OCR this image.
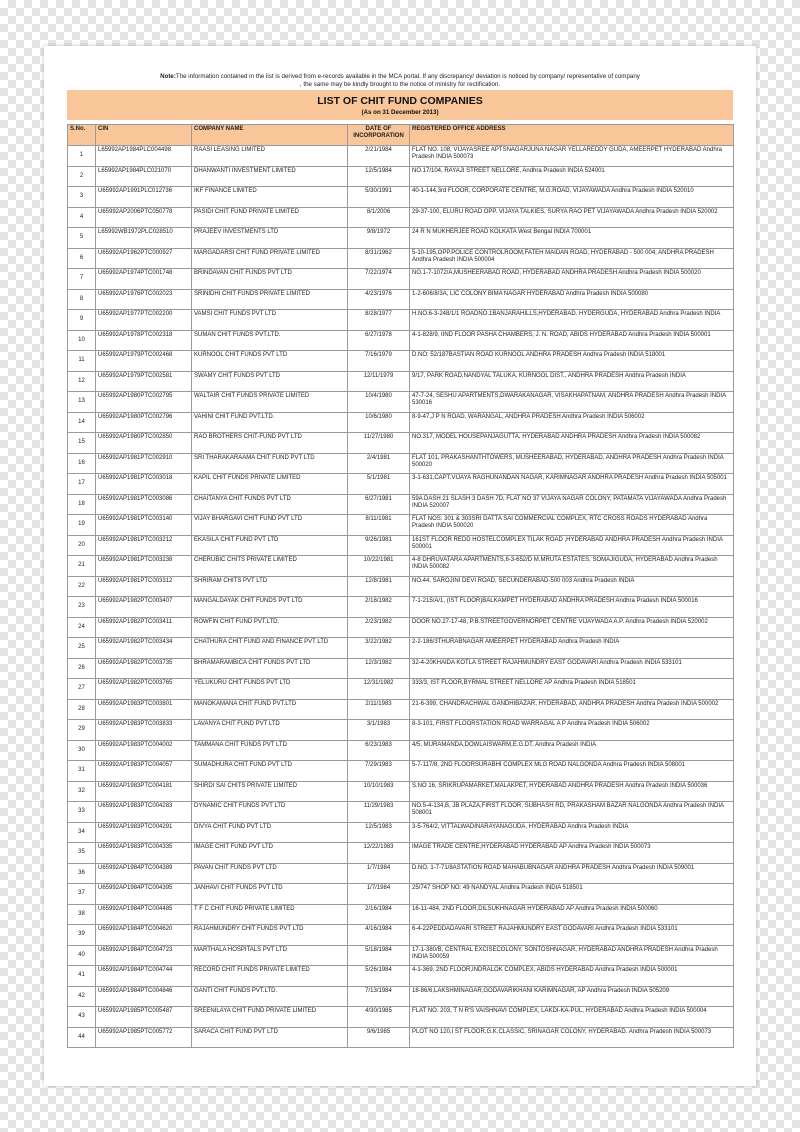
Note:The information contained in the list is derived from e-records available in the MCA portal. If any discrepancy/ deviation is noticed by company/ representative of company
, the same may be kindly brought to the notice of ministry for rectification.
LIST OF CHIT FUND COMPANIES
(As on 31 December 2013)
S.No.	CIN	COMPANY NAME	DATE OF INCORPORATION	REGISTERED OFFICE ADDRESS
1	L65992AP1984PLC004498	RAASI LEASING LIMITED	2/21/1984	FLAT NO. 108, VIJAYASREE APTSNAGARJUNA NAGAR YELLAREDDY GUDA, AMEERPET HYDERABAD Andhra Pradesh INDIA 500073
2	L65992AP1984PLC021070	DHANWANTI INVESTMENT LIMITED	12/5/1984	NO.17/104, RAYAJI STREET NELLORE, Andhra Pradesh INDIA 524001
3	U65992AP1991PLC012736	IKF FINANCE LIMITED	5/30/1991	40-1-144,3rd FLOOR, CORPORATE CENTRE, M.G.ROAD, VIJAYAWADA Andhra Pradesh INDIA 520010
4	U65992AP2006PTC050778	PASIDI CHIT FUND PRIVATE LIMITED	8/1/2006	29-37-100, ELURU ROAD OPP. VIJAYA TALKIES, SURYA RAO PET VIJAYAWADA Andhra Pradesh INDIA 520002
5	L65992WB1972PLC028510	PRAJEEV INVESTMENTS LTD	9/8/1972	24 R N MUKHERJEE ROAD KOLKATA West Bengal INDIA 700001
6	U65992AP1962PTC000927	MARGADARSI CHIT FUND PRIVATE LIMITED	8/31/1962	5-10-195,OPP.POLICE CONTROLROOM,FATEH MAIDAN ROAD, HYDERABAD - 500 004, ANDHRA PRADESH Andhra Pradesh INDIA 500004
7	U65992AP1974PTC001748	BRINDAVAN CHIT FUNDS PVT LTD	7/22/1974	NO.1-7-1072/A,MUSHEERABAD ROAD, HYDERABAD ANDHRA PRADESH Andhra Pradesh INDIA 500020
8	U65992AP1976PTC002023	SRINIDHI CHIT FUNDS PRIVATE LIMITED	4/23/1976	1-2-606/8/3A, LIC COLONY BIMA NAGAR HYDERABAD Andhra Pradesh INDIA 500080
9	U65992AP1977PTC002200	VAMSI CHIT FUNDS PVT LTD	8/28/1977	H.NO.6-3-248/1/1 ROADNO.1BANJARAHILLS,HYDERABAD. HYDERGUDA, HYDERABAD Andhra Pradesh INDIA
10	U65992AP1978PTC002318	SUMAN CHIT FUNDS PVT.LTD.	6/27/1978	4-1-828/9, IIND FLOOR PASHA CHAMBERS, J. N. ROAD, ABIDS HYDERABAD Andhra Pradesh INDIA 500001
11	U65992AP1979PTC002468	KURNOOL CHIT FUNDS PVT LTD	7/16/1979	D.NO: 52/187BASTIAN ROAD KURNOOL ANDHRA PRADESH Andhra Pradesh INDIA 518001
12	U65992AP1979PTC002581	SWAMY CHIT FUNDS PVT LTD	12/11/1979	9/17, PARK ROAD,NANDYAL TALUKA, KURNOOL DIST., ANDHRA PRADESH Andhra Pradesh INDIA
13	U65992AP1980PTC002795	WALTAIR CHIT FUNDS PRIVATE LIMITED	10/4/1980	47-7-24, SESHU APARTMENTS,DWARAKANAGAR, VISAKHAPATNAM, ANDHRA PRADESH Andhra Pradesh INDIA 530016
14	U65992AP1980PTC002796	VAHINI CHIT FUND PVT.LTD.	10/6/1980	8-9-47,J P N ROAD, WARANGAL, ANDHRA PRADESH Andhra Pradesh INDIA 506002
15	U65992AP1980PTC002850	RAO BROTHERS CHIT-FUND PVT LTD	11/27/1980	NO.317, MODEL HOUSEPANJAGUTTA, HYDERABAD ANDHRA PRADESH Andhra Pradesh INDIA 500082
16	U65992AP1981PTC002910	SRI THARAKARAAMA CHIT FUND PVT LTD	2/4/1981	FLAT 101, PRAKASHANTHTOWERS, MUSHEERABAD, HYDERABAD, ANDHRA PRADESH Andhra Pradesh INDIA 500020
17	U65992AP1981PTC003018	KAPIL CHIT FUNDS PRIVATE LIMITED	5/1/1981	3-1-631,CAPT.VIJAYA RAGHUNANDAN NAGAR, KARIMNAGAR ANDHRA PRADESH Andhra Pradesh INDIA 505001
18	U65992AP1981PTC003086	CHAITANYA CHIT FUNDS PVT LTD	6/27/1981	59A DASH 21 SLASH 3 DASH 7D, FLAT NO 37 VIJAYA NAGAR COLONY, PATAMATA VIJAYAWADA Andhra Pradesh INDIA 520007
19	U65992AP1981PTC003140	VIJAY BHARGAVI CHIT FUND PVT LTD	8/11/1981	FLAT NOS: 301 & 303SRI DATTA SAI COMMERCIAL COMPLEX, RTC CROSS ROADS HYDERABAD Andhra Pradesh INDIA 500020
20	U65992AP1981PTC003212	EKASILA CHIT FUND PVT LTD	9/26/1981	161ST FLOOR REDD HOSTELCOMPLEX TILAK ROAD ,HYDERABAD ANDHRA PRADESH Andhra Pradesh INDIA 500001
21	U65992AP1981PTC003238	CHERUBIC CHITS PRIVATE LIMITED	10/22/1981	4-8 DHRUVATARA APARTMENTS,6-3-652/D M.MRUTA ESTATES, SOMAJIGUDA, HYDERABAD Andhra Pradesh INDIA 500082
22	U65992AP1981PTC003312	SHRIRAM CHITS PVT LTD	12/8/1981	NO.44, SAROJINI DEVI ROAD, SECUNDERABAD-500 003 Andhra Pradesh INDIA
23	U65992AP1982PTC003407	MANGALDAYAK CHIT FUNDS PVT LTD	2/18/1982	7-1-215/A/1, (IST FLOOR)BALKAMPET HYDERABAD ANDHRA PRADESH Andhra Pradesh INDIA 500016
24	U65992AP1982PTC003411	ROWFIN CHIT FUND PVT.LTD.	2/23/1982	DOOR NO.27-17-48, P.B.STREETGOVERNORPET CENTRE VIJAYWADA A.P. Andhra Pradesh INDIA 520002
25	U65992AP1982PTC003434	CHATHURA CHIT FUND AND FINANCE PVT LTD	3/22/1982	2-2-186/3THURABNAGAR AMEERPET HYDERABAD Andhra Pradesh INDIA
26	U65992AP1982PTC003735	BHRAMARAMBICA CHIT FUNDS PVT LTD	12/3/1982	32-4-20KHAIDA KOTLA STREET RAJAHMUNDRY EAST GODAVARI Andhra Pradesh INDIA 533101
27	U65992AP1982PTC003765	YELUKURU CHIT FUNDS PVT LTD	12/31/1982	333/3, IST FLOOR,BYRMAL STREET NELLORE AP Andhra Pradesh INDIA 518501
28	U65992AP1983PTC003801	MANOKAMANA CHIT FUND PVT.LTD	2/11/1983	21-6-399, CHANDRACHWAL GANDHIBAZAR, HYDERABAD, ANDHRA PRADESH Andhra Pradesh INDIA 500002
29	U65992AP1983PTC003833	LAVANYA CHIT FUND PVT LTD	3/1/1983	8-3-101, FIRST FLOORSTATION ROAD WARRAGAL A P Andhra Pradesh INDIA 506002
30	U65992AP1983PTC004002	TAMMANA CHIT FUNDS PVT LTD	6/23/1983	4/5, MURAMANDA,DOWLAISWARM,E.G.DT. Andhra Pradesh INDIA
31	U65992AP1983PTC004057	SUMADHURA CHIT FUND PVT LTD	7/29/1983	5-7-117/8, 2ND FLOORSURABHI COMPLEX MLG ROAD NALGONDA Andhra Pradesh INDIA 508001
32	U65992AP1983PTC004181	SHIRDI SAI CHITS PRIVATE LIMITED	10/10/1983	S.NO 16, SRIKRUPAMARKET,MALAKPET, HYDERABAD ANDHRA PRADESH Andhra Pradesh INDIA 500036
33	U65992AP1983PTC004283	DYNAMIC CHIT FUNDS PVT LTD	11/29/1983	NO.5-4-134,B, JB PLAZA,FIRST FLOOR, SUBHASH RD, PRAKASHAM BAZAR NALGONDA Andhra Pradesh INDIA 508001
34	U65992AP1983PTC004291	DIVYA CHIT FUND PVT LTD	12/5/1983	3-5-764/2, VITTALWADINARAYANAGUDA, HYDERABAD Andhra Pradesh INDIA
35	U65992AP1983PTC004335	IMAGE CHIT FUND PVT LTD	12/22/1983	IMAGE TRADE CENTRE,HYDERABAD HYDERABAD AP Andhra Pradesh INDIA 500073
36	U65992AP1984PTC004389	PAVAN CHIT FUNDS PVT LTD	1/7/1984	D.NO. 1-7-71/8ASTATION ROAD MAHABUBNAGAR ANDHRA PRADESH Andhra Pradesh INDIA 509001
37	U65992AP1984PTC004395	JANHAVI CHIT FUNDS PVT LTD	1/7/1984	25/747 SHOP NO: 49 NANDYAL Andhra Pradesh INDIA 518501
38	U65992AP1984PTC004485	T F C CHIT FUND PRIVATE LIMITED	2/16/1984	16-11-484, 2ND FLOOR,DILSUKHNAGAR HYDERABAD AP Andhra Pradesh INDIA 500060
39	U65992AP1984PTC004620	RAJAHMUNDRY CHIT FUNDS PVT LTD	4/16/1984	6-4-22PEDDADAVARI STREET RAJAHMUNDRY EAST GODAVARI Andhra Pradesh INDIA 533101
40	U65992AP1984PTC004723	MARTHALA HOSPITALS PVT LTD	5/18/1984	17-1-380/B, CENTRAL EXCISECOLONY, SONTOSHNAGAR, HYDERABAD ANDHRA PRADESH Andhra Pradesh INDIA 500059
41	U65992AP1984PTC004744	RECORD CHIT FUNDS PRIVATE LIMITED	5/26/1984	4-1-369, 2ND FLOOR,INDRALOK COMPLEX, ABIDS HYDERABAD Andhra Pradesh INDIA 500001
42	U65992AP1984PTC004846	GANTI CHIT FUNDS PVT.LTD.	7/13/1984	18-86/6,LAKSHMINAGAR,GODAVARIKHANI KARIMNAGAR, AP Andhra Pradesh INDIA 505209
43	U65992AP1985PTC005487	SREENILAYA CHIT FUND PRIVATE LIMITED	4/30/1985	FLAT NO. 203, T N R'S VAISHNAVI COMPLEX, LAKDI-KA-PUL, HYDERABAD Andhra Pradesh INDIA 500004
44	U65992AP1985PTC005772	SARACA CHIT FUND PVT LTD	9/6/1985	PLOT NO 120,I ST FLOOR,G.K.CLASSIC, SRINAGAR COLONY, HYDERABAD. Andhra Pradesh INDIA 500073
